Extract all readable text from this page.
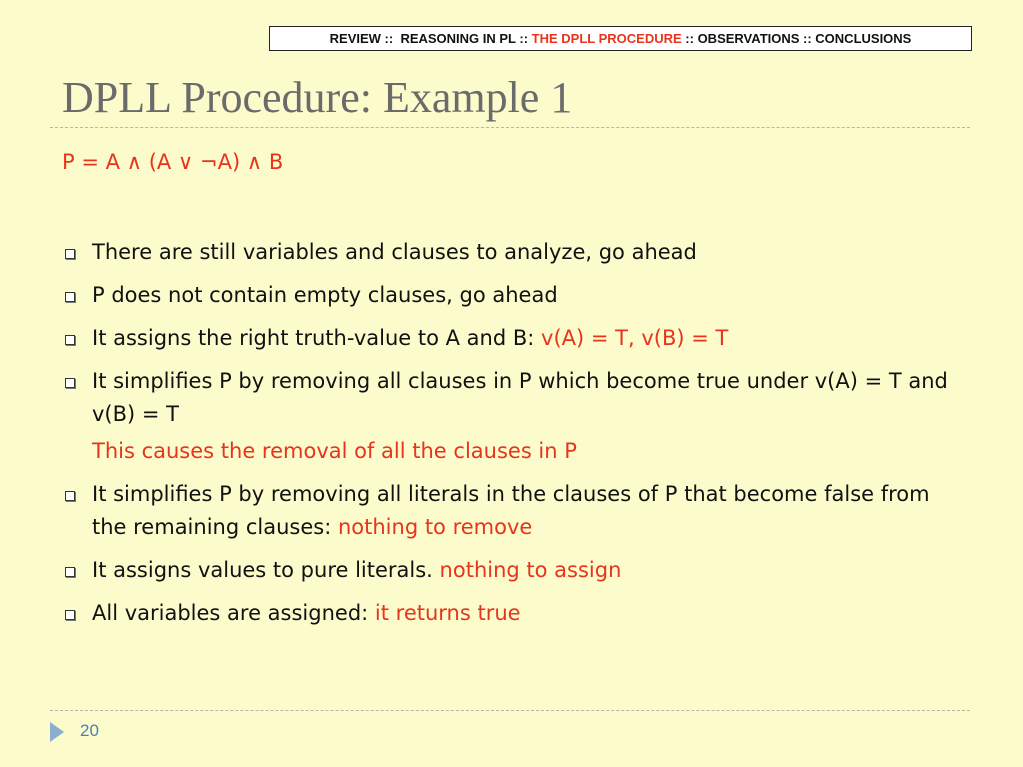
REVIEW :: REASONING IN PL :: THE DPLL PROCEDURE :: OBSERVATIONS :: CONCLUSIONS
DPLL Procedure: Example 1
P = A ∧ (A ∨ ¬A) ∧ B
There are still variables and clauses to analyze, go ahead
P does not contain empty clauses, go ahead
It assigns the right truth-value to A and B: v(A) = T, v(B) = T
It simplifies P by removing all clauses in P which become true under v(A) = T and v(B) = T
This causes the removal of all the clauses in P
It simplifies P by removing all literals in the clauses of P that become false from the remaining clauses: nothing to remove
It assigns values to pure literals. nothing to assign
All variables are assigned: it returns true
20
